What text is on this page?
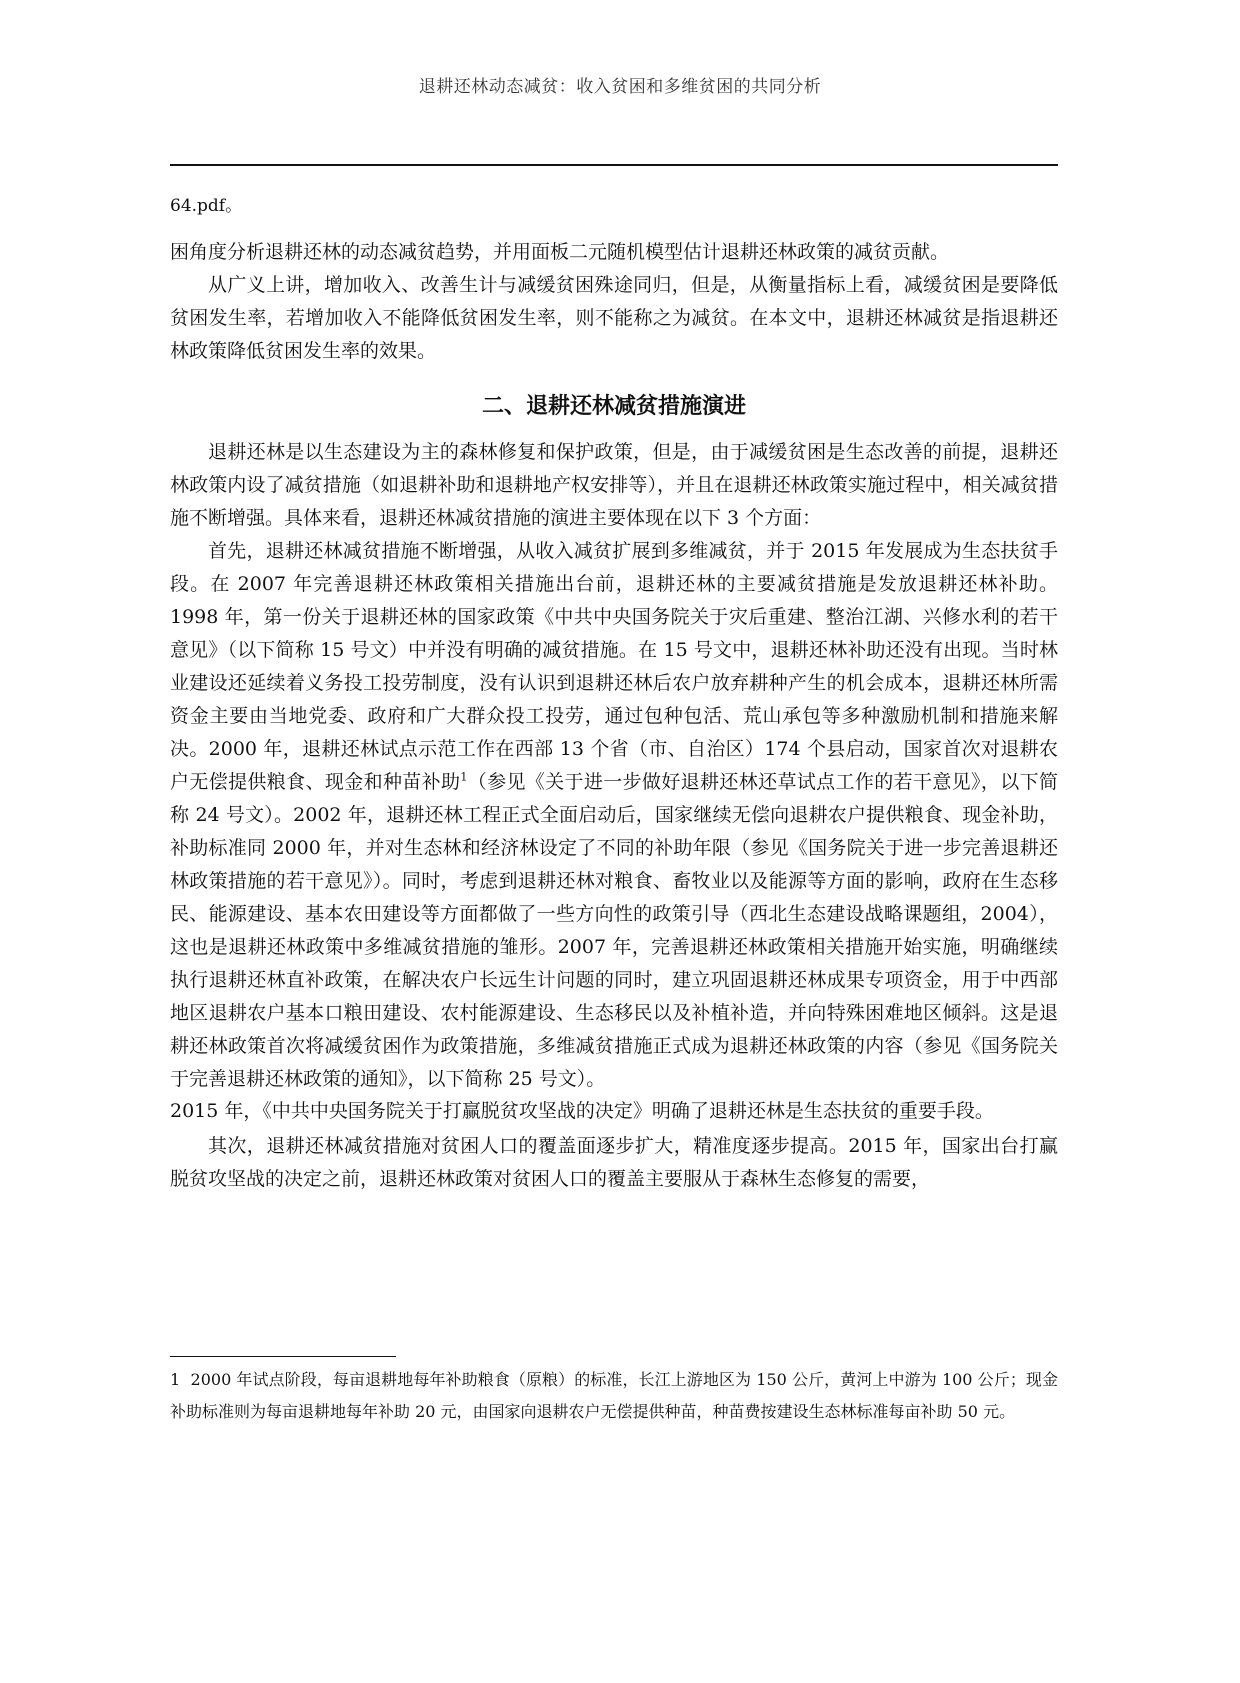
退耕还林动态减贫：收入贫困和多维贫困的共同分析

64.pdf。

困角度分析退耕还林的动态减贫趋势，并用面板二元随机模型估计退耕还林政策的减贫贡献。

从广义上讲，增加收入、改善生计与减缓贫困殊途同归，但是，从衡量指标上看，减缓贫困是要降低贫困发生率，若增加收入不能降低贫困发生率，则不能称之为减贫。在本文中，退耕还林减贫是指退耕还林政策降低贫困发生率的效果。

二、退耕还林减贫措施演进

退耕还林是以生态建设为主的森林修复和保护政策，但是，由于减缓贫困是生态改善的前提，退耕还林政策内设了减贫措施（如退耕补助和退耕地产权安排等），并且在退耕还林政策实施过程中，相关减贫措施不断增强。具体来看，退耕还林减贫措施的演进主要体现在以下 3 个方面：

首先，退耕还林减贫措施不断增强，从收入减贫扩展到多维减贫，并于 2015 年发展成为生态扶贫手段。在 2007 年完善退耕还林政策相关措施出台前，退耕还林的主要减贫措施是发放退耕还林补助。 1998 年，第一份关于退耕还林的国家政策《中共中央国务院关于灾后重建、整治江湖、兴修水利的若干意见》（以下简称 15 号文）中并没有明确的减贫措施。在 15 号文中，退耕还林补助还没有出现。当时林业建设还延续着义务投工投劳制度，没有认识到退耕还林后农户放弃耕种产生的机会成本，退耕还林所需资金主要由当地党委、政府和广大群众投工投劳，通过包种包活、荒山承包等多种激励机制和措施来解决。2000 年，退耕还林试点示范工作在西部 13 个省（市、自治区）174 个县启动，国家首次对退耕农户无偿提供粮食、现金和种苗补助$^1$（参见《关于进一步做好退耕还林还草试点工作的若干意见》，以下简称 24 号文）。2002 年，退耕还林工程正式全面启动后，国家继续无偿向退耕农户提供粮食、现金补助，补助标准同 2000 年，并对生态林和经济林设定了不同的补助年限（参见《国务院关于进一步完善退耕还林政策措施的若干意见》）。同时，考虑到退耕还林对粮食、畜牧业以及能源等方面的影响，政府在生态移民、能源建设、基本农田建设等方面都做了一些方向性的政策引导（西北生态建设战略课题组，2004），这也是退耕还林政策中多维减贫措施的雏形。2007 年，完善退耕还林政策相关措施开始实施，明确继续执行退耕还林直补政策，在解决农户长远生计问题的同时，建立巩固退耕还林成果专项资金，用于中西部地区退耕农户基本口粮田建设、农村能源建设、生态移民以及补植补造，并向特殊困难地区倾斜。这是退耕还林政策首次将减缓贫困作为政策措施，多维减贫措施正式成为退耕还林政策的内容（参见《国务院关于完善退耕还林政策的通知》，以下简称 25 号文）。

2015 年，《中共中央国务院关于打赢脱贫攻坚战的决定》明确了退耕还林是生态扶贫的重要手段。

其次，退耕还林减贫措施对贫困人口的覆盖面逐步扩大，精准度逐步提高。2015 年，国家出台打赢脱贫攻坚战的决定之前，退耕还林政策对贫困人口的覆盖主要服从于森林生态修复的需要，

1 2000 年试点阶段，每亩退耕地每年补助粮食（原粮）的标准，长江上游地区为 150 公斤，黄河上中游为 100 公斤；现金补助标准则为每亩退耕地每年补助 20 元，由国家向退耕农户无偿提供种苗，种苗费按建设生态林标准每亩补助 50 元。
